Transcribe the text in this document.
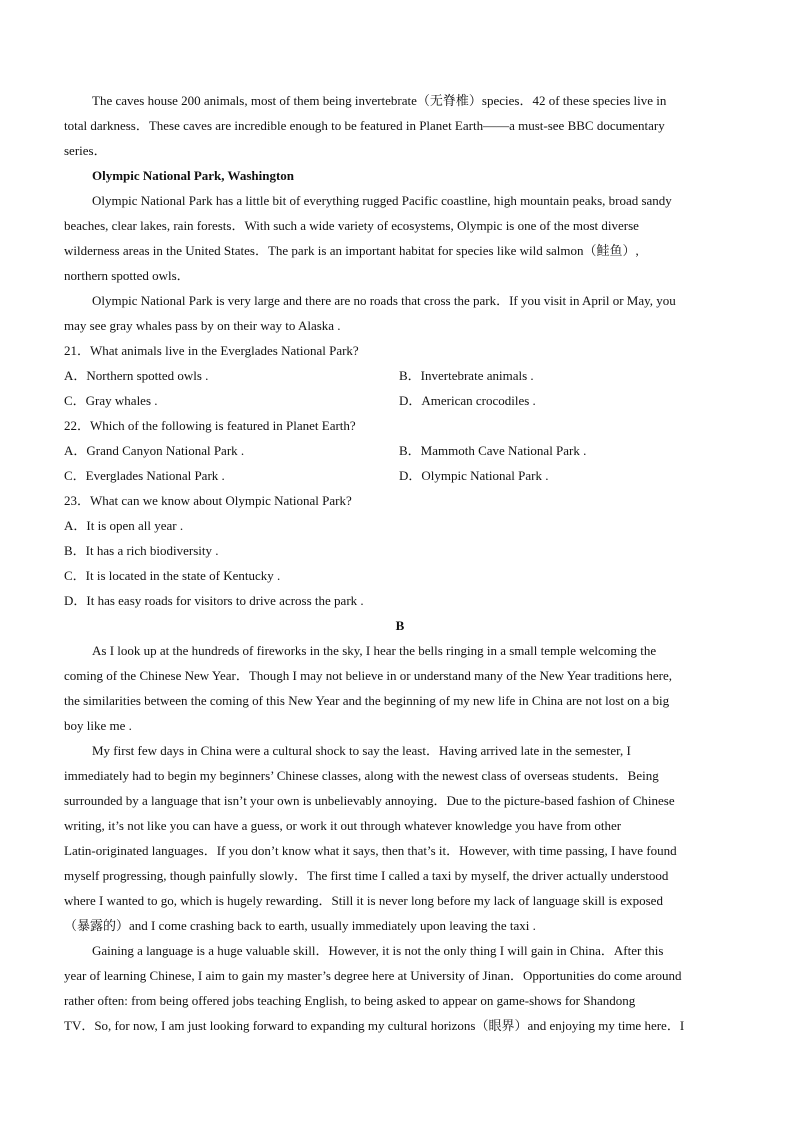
The caves house 200 animals, most of them being invertebrate（无脊椎）species．42 of these species live in
total darkness．These caves are incredible enough to be featured in Planet Earth——a must-see BBC documentary
series．
Olympic National Park, Washington
Olympic National Park has a little bit of everything rugged Pacific coastline, high mountain peaks, broad sandy
beaches, clear lakes, rain forests．With such a wide variety of ecosystems, Olympic is one of the most diverse
wilderness areas in the United States．The park is an important habitat for species like wild salmon（鲑鱼）,
northern spotted owls．
Olympic National Park is very large and there are no roads that cross the park．If you visit in April or May, you
may see gray whales pass by on their way to Alaska .
21．What animals live in the Everglades National Park?
A．Northern spotted owls .	B．Invertebrate animals .
C．Gray whales .	D．American crocodiles .
22．Which of the following is featured in Planet Earth?
A．Grand Canyon National Park .	B．Mammoth Cave National Park .
C．Everglades National Park .	D．Olympic National Park .
23．What can we know about Olympic National Park?
A．It is open all year .
B．It has a rich biodiversity .
C．It is located in the state of Kentucky .
D．It has easy roads for visitors to drive across the park .
B
As I look up at the hundreds of fireworks in the sky, I hear the bells ringing in a small temple welcoming the
coming of the Chinese New Year．Though I may not believe in or understand many of the New Year traditions here,
the similarities between the coming of this New Year and the beginning of my new life in China are not lost on a big
boy like me .
My first few days in China were a cultural shock to say the least．Having arrived late in the semester, I
immediately had to begin my beginners’ Chinese classes, along with the newest class of overseas students．Being
surrounded by a language that isn’t your own is unbelievably annoying．Due to the picture-based fashion of Chinese
writing, it’s not like you can have a guess, or work it out through whatever knowledge you have from other
Latin-originated languages．If you don’t know what it says, then that’s it．However, with time passing, I have found
myself progressing, though painfully slowly．The first time I called a taxi by myself, the driver actually understood
where I wanted to go, which is hugely rewarding．Still it is never long before my lack of language skill is exposed
（暴露的）and I come crashing back to earth, usually immediately upon leaving the taxi .
Gaining a language is a huge valuable skill．However, it is not the only thing I will gain in China．After this
year of learning Chinese, I aim to gain my master’s degree here at University of Jinan．Opportunities do come around
rather often: from being offered jobs teaching English, to being asked to appear on game-shows for Shandong
TV．So, for now, I am just looking forward to expanding my cultural horizons（眼界）and enjoying my time here．I
